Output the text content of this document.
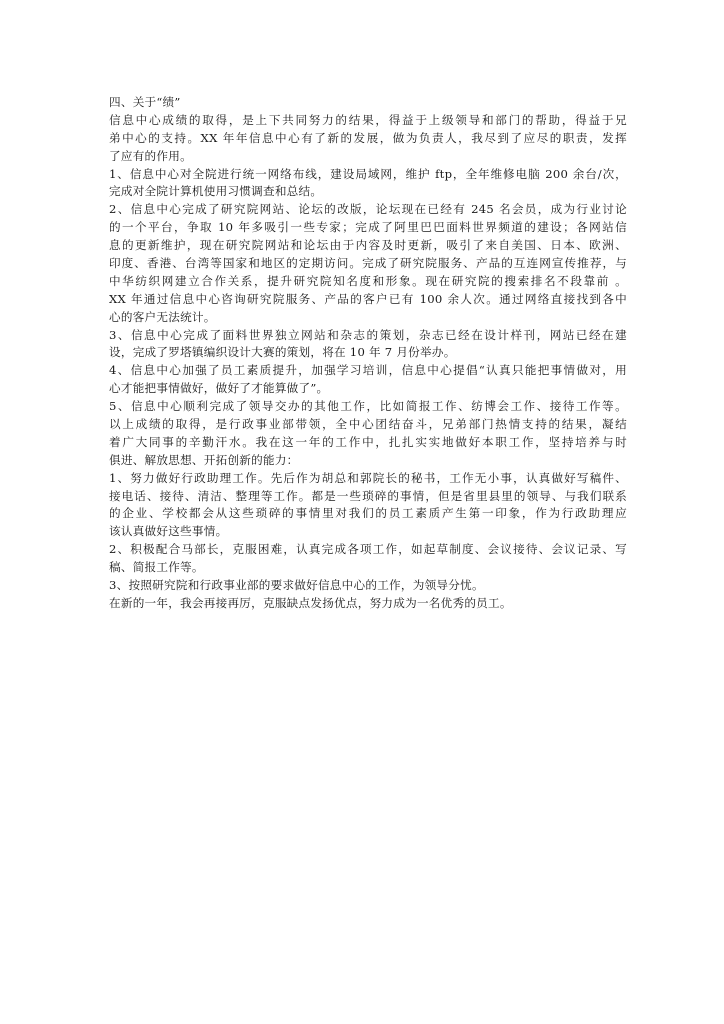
四、关于“绩”
信息中心成绩的取得，是上下共同努力的结果，得益于上级领导和部门的帮助，得益于兄
弟中心的支持。XX 年年信息中心有了新的发展，做为负责人，我尽到了应尽的职责，发挥
了应有的作用。
1、信息中心对全院进行统一网络布线，建设局域网，维护 ftp，全年维修电脑 200 余台/次，
完成对全院计算机使用习惯调查和总结。
2、信息中心完成了研究院网站、论坛的改版，论坛现在已经有 245 名会员，成为行业讨论
的一个平台，争取 10 年多吸引一些专家；完成了阿里巴巴面料世界频道的建设；各网站信
息的更新维护，现在研究院网站和论坛由于内容及时更新，吸引了来自美国、日本、欧洲、
印度、香港、台湾等国家和地区的定期访问。完成了研究院服务、产品的互连网宣传推荐，与
中华纺织网建立合作关系，提升研究院知名度和形象。现在研究院的搜索排名不段靠前 。
XX 年通过信息中心咨询研究院服务、产品的客户已有 100 余人次。通过网络直接找到各中
心的客户无法统计。
3、信息中心完成了面料世界独立网站和杂志的策划，杂志已经在设计样刊，网站已经在建
设，完成了罗塔镇编织设计大赛的策划，将在 10 年 7 月份举办。
4、信息中心加强了员工素质提升，加强学习培训，信息中心提倡“认真只能把事情做对，用
心才能把事情做好，做好了才能算做了”。
5、信息中心顺利完成了领导交办的其他工作，比如简报工作、纺博会工作、接待工作等。
以上成绩的取得，是行政事业部带领，全中心团结奋斗，兄弟部门热情支持的结果，凝结
着广大同事的辛勤汗水。我在这一年的工作中，扎扎实实地做好本职工作，坚持培养与时
俱进、解放思想、开拓创新的能力：
1、努力做好行政助理工作。先后作为胡总和郭院长的秘书，工作无小事，认真做好写稿件、
接电话、接待、清洁、整理等工作。都是一些琐碎的事情，但是省里县里的领导、与我们联系
的企业、学校都会从这些琐碎的事情里对我们的员工素质产生第一印象，作为行政助理应
该认真做好这些事情。
2、积极配合马部长，克服困难，认真完成各项工作，如起草制度、会议接待、会议记录、写
稿、简报工作等。
3、按照研究院和行政事业部的要求做好信息中心的工作，为领导分忧。
在新的一年，我会再接再厉，克服缺点发扬优点，努力成为一名优秀的员工。
